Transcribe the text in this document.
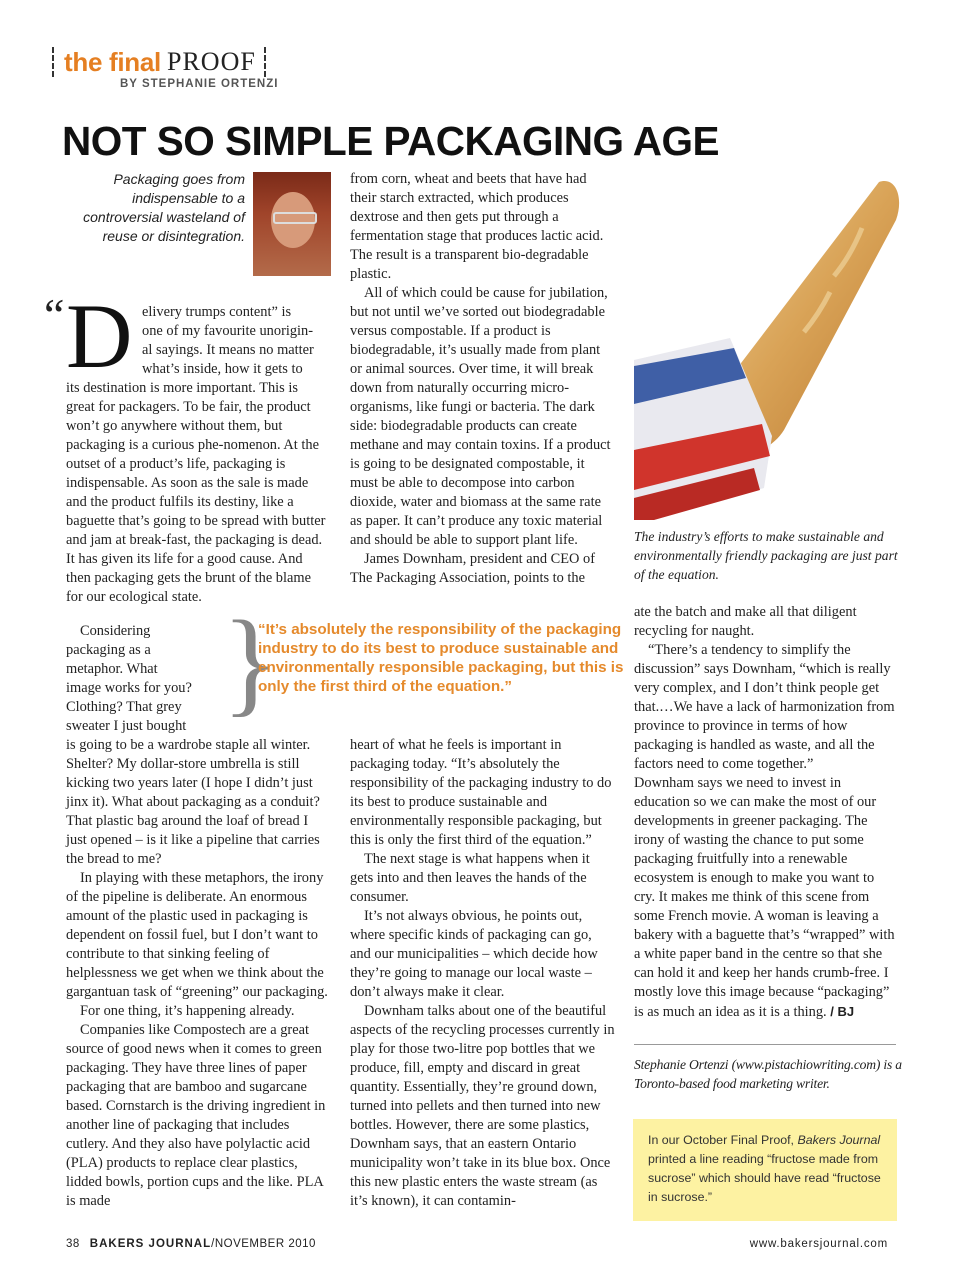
the final PROOF
BY STEPHANIE ORTENZI
NOT SO SIMPLE PACKAGING AGE
Packaging goes from indispensable to a controversial wasteland of reuse or disintegration.
“ D elivery trumps content” is
one of my favourite unorigin-
al sayings. It means no matter
what’s inside, how it gets to

its destination is more important. This is great for packagers. To be fair, the product won’t go anywhere without them, but packaging is a curious phe-nomenon. At the outset of a product’s life, packaging is indispensable. As soon as the sale is made and the product fulfils its destiny, like a baguette that’s going to be spread with butter and jam at break-fast, the packaging is dead. It has given its life for a good cause. And then packaging gets the brunt of the blame for our ecological state.

Considering
packaging as a
metaphor. What
image works for you?
Clothing? That grey
sweater I just bought

is going to be a wardrobe staple all winter. Shelter? My dollar-store umbrella is still kicking two years later (I hope I didn’t just jinx it). What about packaging as a conduit? That plastic bag around the loaf of bread I just opened – is it like a pipeline that carries the bread to me?

In playing with these metaphors, the irony of the pipeline is deliberate. An enormous amount of the plastic used in packaging is dependent on fossil fuel, but I don’t want to contribute to that sinking feeling of helplessness we get when we think about the gargantuan task of “greening” our packaging.

For one thing, it’s happening already.

Companies like Compostech are a great source of good news when it comes to green packaging. They have three lines of paper packaging that are bamboo and sugarcane based. Cornstarch is the driving ingredient in another line of packaging that includes cutlery. And they also have polylactic acid (PLA) products to replace clear plastics, lidded bowls, portion cups and the like. PLA is made

from corn, wheat and beets that have had their starch extracted, which produces dextrose and then gets put through a fermentation stage that produces lactic acid. The result is a transparent bio-degradable plastic.

All of which could be cause for jubilation, but not until we’ve sorted out biodegradable versus compostable. If a product is biodegradable, it’s usually made from plant or animal sources. Over time, it will break down from naturally occurring micro-organisms, like fungi or bacteria. The dark side: biodegradable products can create methane and may contain toxins. If a product is going to be designated compostable, it must be able to decompose into carbon dioxide, water and biomass at the same rate as paper. It can’t produce any toxic material and should be able to support plant life.

James Downham, president and CEO of The Packaging Association, points to the

}
“It’s absolutely the responsibility of the packaging industry to do its best to produce sustainable and environmentally responsible packaging, but this is only the first third of the equation.”

heart of what he feels is important in packaging today. “It’s absolutely the responsibility of the packaging industry to do its best to produce sustainable and environmentally responsible packaging, but this is only the first third of the equation.”

The next stage is what happens when it gets into and then leaves the hands of the consumer.

It’s not always obvious, he points out, where specific kinds of packaging can go, and our municipalities – which decide how they’re going to manage our local waste – don’t always make it clear.

Downham talks about one of the beautiful aspects of the recycling processes currently in play for those two-litre pop bottles that we produce, fill, empty and discard in great quantity. Essentially, they’re ground down, turned into pellets and then turned into new bottles. However, there are some plastics, Downham says, that an eastern Ontario municipality won’t take in its blue box. Once this new plastic enters the waste stream (as it’s known), it can contamin-

The industry’s efforts to make sustainable and environmentally friendly packaging are just part of the equation.

ate the batch and make all that diligent recycling for naught.

“There’s a tendency to simplify the discussion” says Downham, “which is really very complex, and I don’t think people get that.…We have a lack of harmonization from province to province in terms of how packaging is handled as waste, and all the factors need to come together.”

Downham says we need to invest in education so we can make the most of our developments in greener packaging. The irony of wasting the chance to put some packaging fruitfully into a renewable ecosystem is enough to make you want to cry. It makes me think of this scene from some French movie. A woman is leaving a bakery with a baguette that’s “wrapped” with a white paper band in the centre so that she can hold it and keep her hands crumb-free. I mostly love this image because “packaging” is as much an idea as it is a thing. / BJ
Stephanie Ortenzi (www.pistachiowriting.com) is a Toronto-based food marketing writer.
In our October Final Proof, Bakers Journal printed a line reading “fructose made from sucrose” which should have read “fructose in sucrose.”
38 BAKERS JOURNAL/NOVEMBER 2010	www.bakersjournal.com
